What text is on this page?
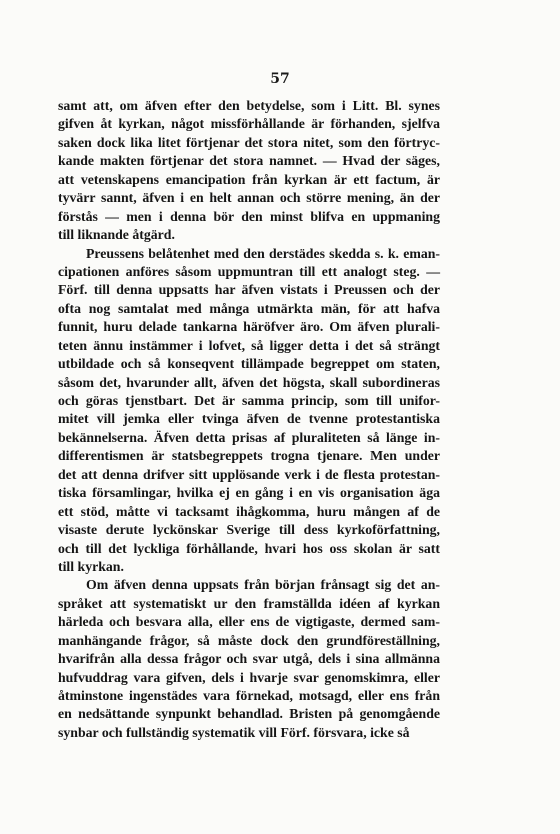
57
samt att, om äfven efter den betydelse, som i Litt. Bl. synes
gifven åt kyrkan, något missförhållande är förhanden, sjelfva
saken dock lika litet förtjenar det stora nitet, som den förtryc-
kande makten förtjenar det stora namnet. — Hvad der säges,
att vetenskapens emancipation från kyrkan är ett factum, är
tyvärr sannt, äfven i en helt annan och större mening, än der
förstås — men i denna bör den minst blifva en uppmaning
till liknande åtgärd.
Preussens belåtenhet med den derstädes skedda s. k. eman-
cipationen anföres såsom uppmuntran till ett analogt steg. —
Förf. till denna uppsatts har äfven vistats i Preussen och der
ofta nog samtalat med många utmärkta män, för att hafva
funnit, huru delade tankarna häröfver äro. Om äfven plurali-
teten ännu instämmer i lofvet, så ligger detta i det så strängt
utbildade och så konseqvent tillämpade begreppet om staten,
såsom det, hvarunder allt, äfven det högsta, skall subordineras
och göras tjenstbart. Det är samma princip, som till unifor-
mitet vill jemka eller tvinga äfven de tvenne protestantiska
bekännelserna. Äfven detta prisas af pluraliteten så länge in-
differentismen är statsbegreppets trogna tjenare. Men under
det att denna drifver sitt upplösande verk i de flesta protestan-
tiska församlingar, hvilka ej en gång i en vis organisation äga
ett stöd, måtte vi tacksamt ihågkomma, huru mången af de
visaste derute lyckönskar Sverige till dess kyrkoförfattning,
och till det lyckliga förhållande, hvari hos oss skolan är satt
till kyrkan.
Om äfven denna uppsats från början frånsagt sig det an-
språket att systematiskt ur den framställda idéen af kyrkan
härleda och besvara alla, eller ens de vigtigaste, dermed sam-
manhängande frågor, så måste dock den grundföreställning,
hvarifrån alla dessa frågor och svar utgå, dels i sina allmänna
hufvuddrag vara gifven, dels i hvarje svar genomskimra, eller
åtminstone ingenstädes vara förnekad, motsagd, eller ens från
en nedsättande synpunkt behandlad. Bristen på genomgående
synbar och fullständig systematik vill Förf. försvara, icke så
